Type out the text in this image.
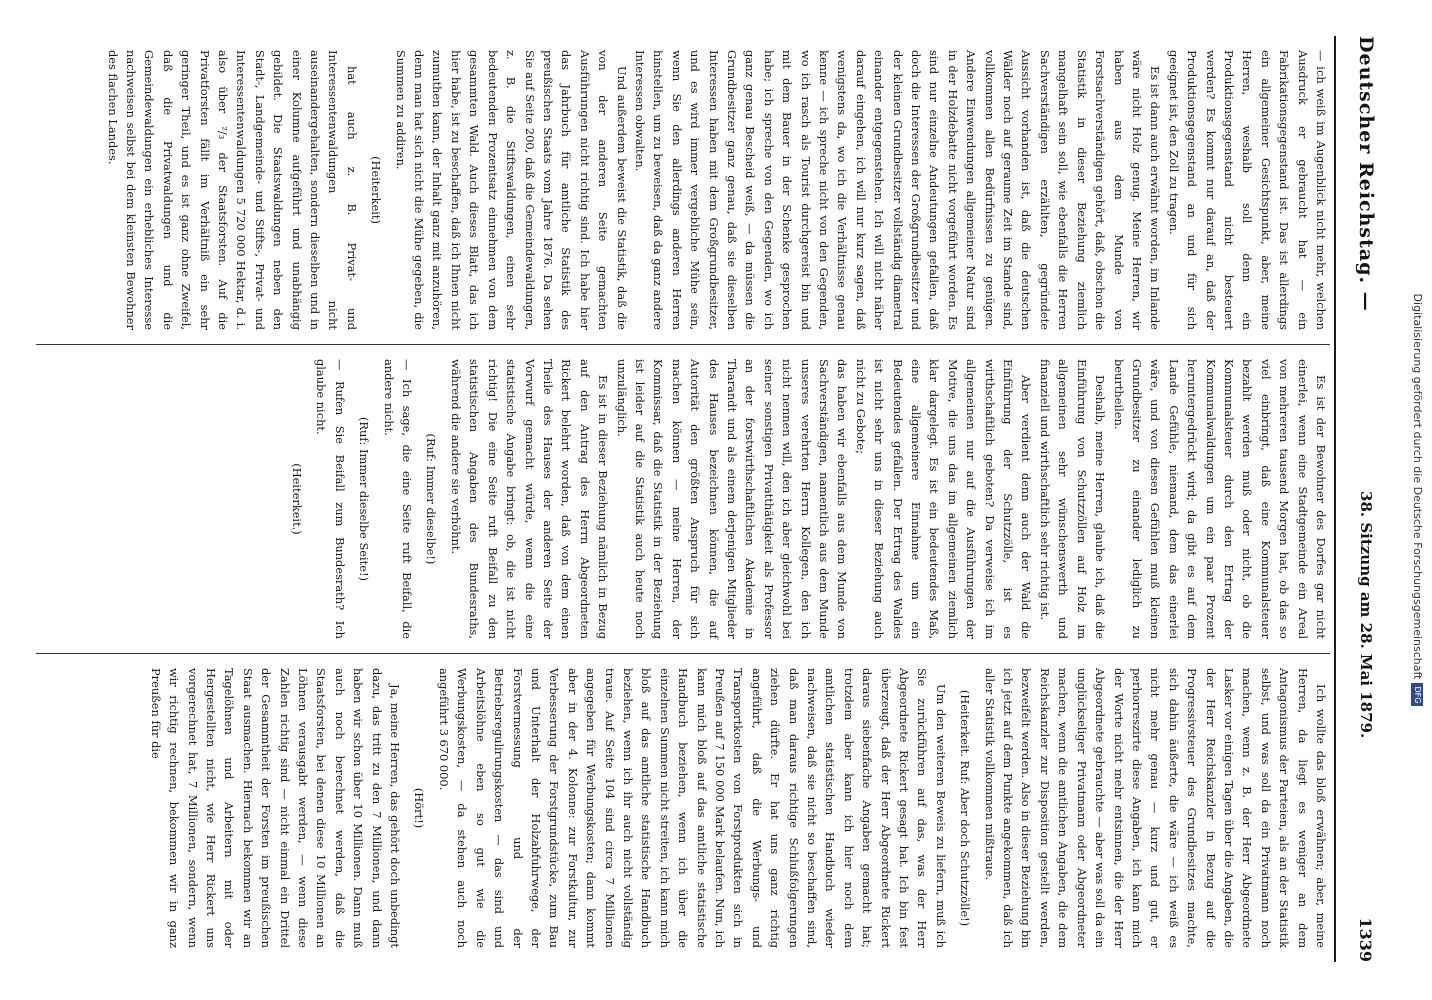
Deutscher Reichstag. —
38. Sitzung am 28. Mai 1879.
1339

— ich weiß im Augenblick nicht mehr, welchen Ausdruck er gebraucht hat — ein Fabrikationsgegenstand ist. Das ist allerdings ein allgemeiner Gesichtspunkt, aber, meine Herren, weshalb soll denn ein Produktionsgegenstand nicht besteuert werden? Es kommt nur darauf an, daß der Produktionsgegenstand an und für sich geeignet ist, den Zoll zu tragen.

Es ist dann auch erwähnt worden, im Inlande wäre nicht Holz genug. Meine Herren, wir haben aus dem Munde von Forstsachverständigen gehört, daß, obschon die Statistik in dieser Beziehung ziemlich mangelhaft sein soll, wie ebenfalls die Herren Sachverständigen erzählten, gegründete Aussicht vorhanden ist, daß die deutschen Wälder noch auf geraume Zeit im Stande sind, vollkommen allen Bedürfnissen zu genügen. Andere Einwendungen allgemeiner Natur sind in der Holzdebatte nicht vorgeführt worden. Es sind nur einzelne Andeutungen gefallen, daß doch die Interessen der Großgrundbesitzer und der kleinen Grundbesitzer vollständig diametral einander entgegenstehen. Ich will nicht näher darauf eingehen, ich will nur kurz sagen, daß wenigstens da, wo ich die Verhältnisse genau kenne — ich spreche nicht von den Gegenden, wo ich rasch als Tourist durchgereist bin und mit dem Bauer in der Schenke gesprochen habe; ich spreche von den Gegenden, wo ich ganz genau Bescheid weiß, — da müssen die Grundbesitzer ganz genau, daß sie dieselben Interessen haben mit dem Großgrundbesitzer, und es wird immer vergebliche Mühe sein, wenn Sie den allerdings anderen Herren hinstellen, um zu beweisen, daß da ganz andere Interessen obwalten.

Und außerdem beweist die Statistik, daß die von der anderen Seite gemachten Ausführungen nicht richtig sind. Ich habe hier das Jahrbuch für amtliche Statistik des preußischen Staats vom Jahre 1876. Da sehen Sie auf Seite 200, daß die Gemeindewaldungen, z. B. die Stiftswaldungen, einen sehr bedeutenden Prozentsatz einnehmen von dem gesammten Wald. Auch dieses Blatt, das ich hier habe, ist zu beschaffen, daß ich Ihnen nicht zumuthen kann, der Inhalt ganz mit anzuhören, denn man hat sich nicht die Mühe gegeben, die Summen zu addiren.

(Heiterkeit)

hat auch z. B. Privat- und Interessentenwaldungen nicht auseinandergehalten, sondern dieselben und in einer Kolumne aufgeführt und unabhängig gebildet. Die Staatswaldungen neben den Stadt-, Landgemeinde- und Stifts-, Privat- und Interessentenwaldungen 5 720 000 Hektar, d. i. also über ²/₃ der Staatsforsten. Auf die Privatforsten fällt im Verhältniß ein sehr geringer Theil, und es ist ganz ohne Zweifel, daß die Privatwaldungen und die Gemeindewaldungen ein erhebliches Interesse nachweisen selbst bei dem kleinsten Bewohner des flachen Landes.

Es ist der Bewohner des Dorfes gar nicht einerlei, wenn eine Stadtgemeinde ein Areal von mehreren tausend Morgen hat, ob das so viel einbringt, daß eine Kommunalsteuer bezahlt werden muß oder nicht, ob die Kommunalsteuer durch den Ertrag der Kommunalwaldungen um ein paar Prozent heruntergedrückt wird; da gibt es auf dem Lande Gefühle, niemand, dem das einerlei wäre, und von diesen Gefühlen muß kleinen Grundbesitzer zu einander lediglich zu beurtheilen.

Deshalb, meine Herren, glaube ich, daß die Einführung von Schutzzöllen auf Holz im allgemeinen sehr wünschenswerth und finanziell und wirthschaftlich sehr richtig ist.

Aber verdient denn auch der Wald die Einführung der Schutzzölle, ist es wirthschaftlich geboten? Da verweise ich im allgemeinen nur auf die Ausführungen der Motive, die uns das im allgemeinen ziemlich klar dargelegt. Es ist ein bedeutendes Maß, eine allgemeinere Einnahme um ein Bedeutendes gefallen. Der Ertrag des Waldes ist nicht sehr uns in dieser Beziehung auch nicht zu Gebote;

das haben wir ebenfalls aus dem Munde von Sachverständigen, namentlich aus dem Munde unseres verehrten Herrn Kollegen, den ich nicht nennen will, den ich aber gleichwohl bei seiner sonstigen Privatthätigkeit als Professor an der forstwirthschaftlichen Akademie in Tharandt und als einem derjenigen Mitglieder des Hauses bezeichnen können, die auf Autorität den größten Anspruch für sich machen können — meine Herren, der Kommissar, daß die Statistik in der Beziehung ist leider auf die Statistik auch heute noch unzulänglich.

Es ist in dieser Beziehung nämlich in Bezug auf den Antrag des Herrn Abgeordneten Rickert belehrt worden, daß von dem einen Theile des Hauses der anderen Seite der Vorwurf gemacht würde, wenn die eine statistische Angabe bringt: ob, die ist nicht richtig! Die eine Seite ruft Beifall zu den statistischen Angaben des Bundesraths, während die andere sie verhöhnt.

(Ruf: Immer dieselbe!)

— Ich sage, die eine Seite ruft Beifall, die andere nicht.

(Ruf: Immer dieselbe Seite!)

— Rufen Sie Beifall zum Bundesrath? Ich glaube nicht.

(Heiterkeit.)

Ich wollte das bloß erwähnen; aber, meine Herren, da liegt es weniger an dem Antagonismus der Parteien, als an der Statistik selbst, und was soll da ein Privatmann noch machen, wenn z. B. der Herr Abgeordnete Lasker vor einigen Tagen über die Angaben, die der Herr Reichskanzler in Bezug auf die Progressivsteuer des Grundbesitzes machte, sich dahin äußerte, die wäre — ich weiß es nicht mehr genau — kurz und gut, er perhorreszirte diese Angaben, ich kann mich der Worte nicht mehr entsinnen, die der Herr Abgeordnete gebrauchte — aber was soll da ein unglückseliger Privatmann oder Abgeordneter machen, wenn die amtlichen Angaben, die dem Reichskanzler zur Disposition gestellt werden, bezweifelt werden. Also in dieser Beziehung bin ich jetzt auf dem Punkte angekommen, daß ich aller Statistik vollkommen mißtraue.

(Heiterkeit. Ruf: Aber doch Schutzzölle!)

Um den weiteren Beweis zu liefern, muß ich Sie zurückführen auf das, was der Herr Abgeordnete Rickert gesagt hat. Ich bin fest überzeugt, daß der Herr Abgeordnete Rickert daraus siebenfache Angaben gemacht hat; trotzdem aber kann ich hier noch dem amtlichen statistischen Handbuch wieder nachweisen, daß sie nicht so beschaffen sind, daß man daraus richtige Schlußfolgerungen ziehen dürfte. Er hat uns ganz richtig angeführt, daß die Werbungs- und Transportkosten von Forstprodukten sich in Preußen auf 7 150 000 Mark belaufen. Nun, ich kann mich bloß auf das amtliche statistische Handbuch beziehen, wenn ich über die einzelnen Summen nicht streiten, ich kann mich bloß auf das amtliche statistische Handbuch beziehen, wenn ich ihr auch nicht vollständig traue. Auf Seite 104 sind circa 7 Millionen angegeben für Werbungskosten; dann kommt aber in der 4. Kolonne: zur Forstkultur, zur Verbesserung der Forstgrundstücke, zum Bau und Unterhalt der Holzabfuhrwege, der Forstvermessung und der Betriebsregulirungskosten — das sind und Arbeitslöhne eben so gut wie die Werbungskosten, — da stehen auch noch angeführt 3 670 000.

(Hört!)

Ja, meine Herren, das gehört doch unbedingt dazu, das tritt zu den 7 Millionen, und dann haben wir schon über 10 Millionen. Dann muß auch noch berechnet werden, daß die Staatsforsten, bei denen diese 10 Millionen an Löhnen verausgabt werden, — wenn diese Zahlen richtig sind — nicht einmal ein Drittel der Gesammtheit der Forsten im preußischen Staat ausmachen. Hiernach bekommen wir an Tagelöhnen und Arbeitern mit oder Hergestellten nicht, wie Herr Rickert uns vorgerechnet hat, 7 Millionen, sondern, wenn wir richtig rechnen, bekommen wir in ganz Preußen für die

Digitalisierung gefördert durch die Deutsche ForschungsgemeinschaftDFG
